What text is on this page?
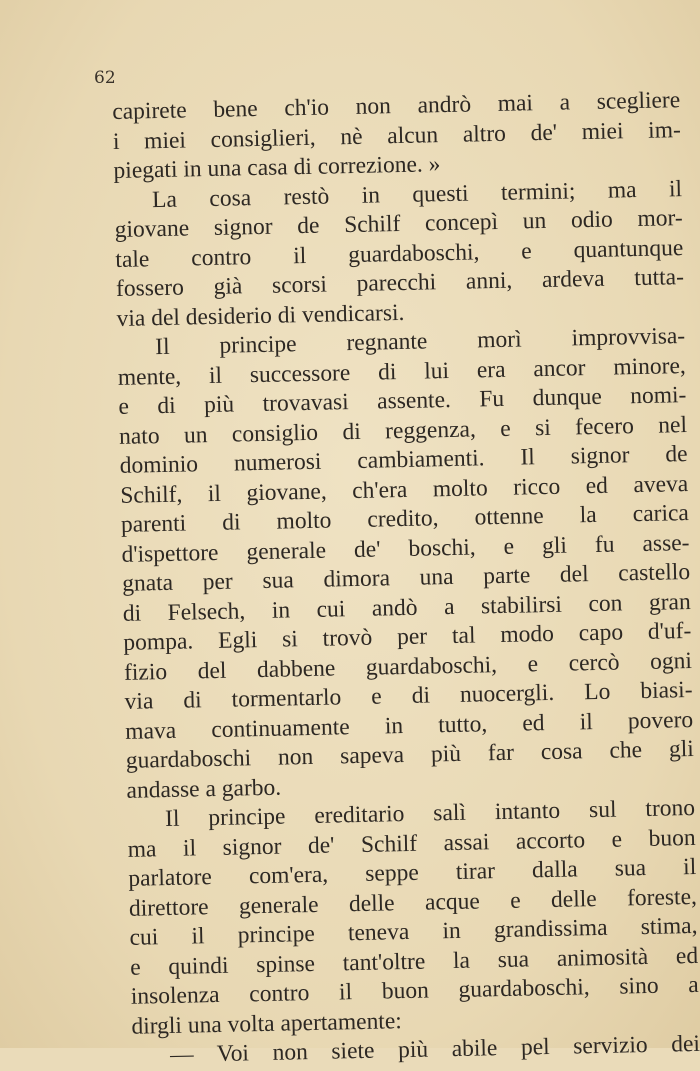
62
capirete bene ch'io non andrò mai a scegliere
i miei consiglieri, nè alcun altro de' miei im-
piegati in una casa di correzione. »
La cosa restò in questi termini; ma il
giovane signor de Schilf concepì un odio mor-
tale contro il guardaboschi, e quantunque
fossero già scorsi parecchi anni, ardeva tutta-
via del desiderio di vendicarsi.
Il principe regnante morì improvvisa-
mente, il successore di lui era ancor minore,
e di più trovavasi assente. Fu dunque nomi-
nato un consiglio di reggenza, e si fecero nel
dominio numerosi cambiamenti. Il signor de
Schilf, il giovane, ch'era molto ricco ed aveva
parenti di molto credito, ottenne la carica
d'ispettore generale de' boschi, e gli fu asse-
gnata per sua dimora una parte del castello
di Felsech, in cui andò a stabilirsi con gran
pompa. Egli si trovò per tal modo capo d'uf-
fizio del dabbene guardaboschi, e cercò ogni
via di tormentarlo e di nuocergli. Lo biasi-
mava continuamente in tutto, ed il povero
guardaboschi non sapeva più far cosa che gli
andasse a garbo.
Il principe ereditario salì intanto sul trono
ma il signor de' Schilf assai accorto e buon
parlatore com'era, seppe tirar dalla sua il
direttore generale delle acque e delle foreste,
cui il principe teneva in grandissima stima,
e quindi spinse tant'oltre la sua animosità ed
insolenza contro il buon guardaboschi, sino a
dirgli una volta apertamente:
— Voi non siete più abile pel servizio dei
